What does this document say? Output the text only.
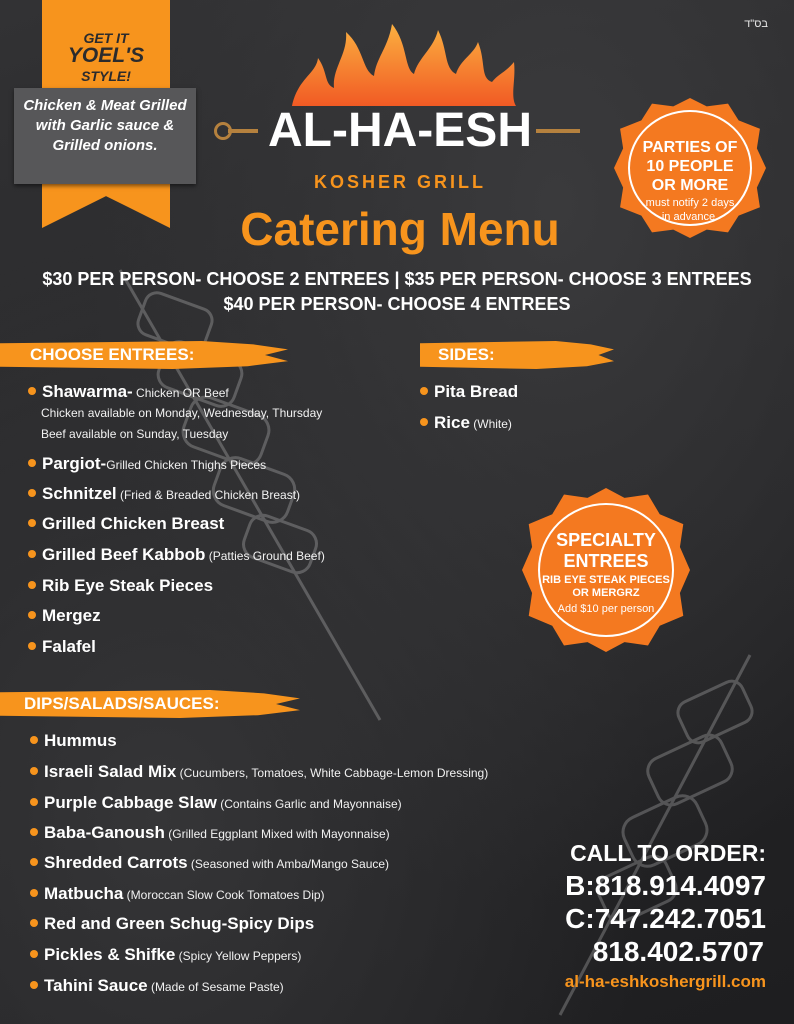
בס"ד
GET IT
YOEL'S
STYLE!
Chicken & Meat Grilled with Garlic sauce & Grilled onions.	AL-HA-ESH
KOSHER GRILL
Catering Menu
$30 PER PERSON- CHOOSE 2 ENTREES | $35 PER PERSON- CHOOSE 3 ENTREES
$40 PER PERSON- CHOOSE 4 ENTREES
PARTIES OF
10 PEOPLE
OR MORE
must notify 2 days
in advance.
SPECIALTY
ENTREES
RIB EYE STEAK PIECES
OR MERGRZ
Add $10 per person
CHOOSE ENTREES:	SIDES:
DIPS/SALADS/SAUCES:
Shawarma- Chicken OR Beef
Chicken available on Monday, Wednesday, Thursday
Beef available on Sunday, Tuesday
Pargiot-Grilled Chicken Thighs Pieces
Schnitzel (Fried & Breaded Chicken Breast)
Grilled Chicken Breast
Grilled Beef Kabbob (Patties Ground Beef)
Rib Eye Steak Pieces
Mergez
Falafel
Pita Bread
Rice (White)
Hummus
Israeli Salad Mix (Cucumbers, Tomatoes, White Cabbage-Lemon Dressing)
Purple Cabbage Slaw (Contains Garlic and Mayonnaise)
Baba-Ganoush (Grilled Eggplant Mixed with Mayonnaise)
Shredded Carrots (Seasoned with Amba/Mango Sauce)
Matbucha (Moroccan Slow Cook Tomatoes Dip)
Red and Green Schug-Spicy Dips
Pickles & Shifke (Spicy Yellow Peppers)
Tahini Sauce (Made of Sesame Paste)
CALL TO ORDER:
B:818.914.4097
C:747.242.7051
818.402.5707
al-ha-eshkoshergrill.com
